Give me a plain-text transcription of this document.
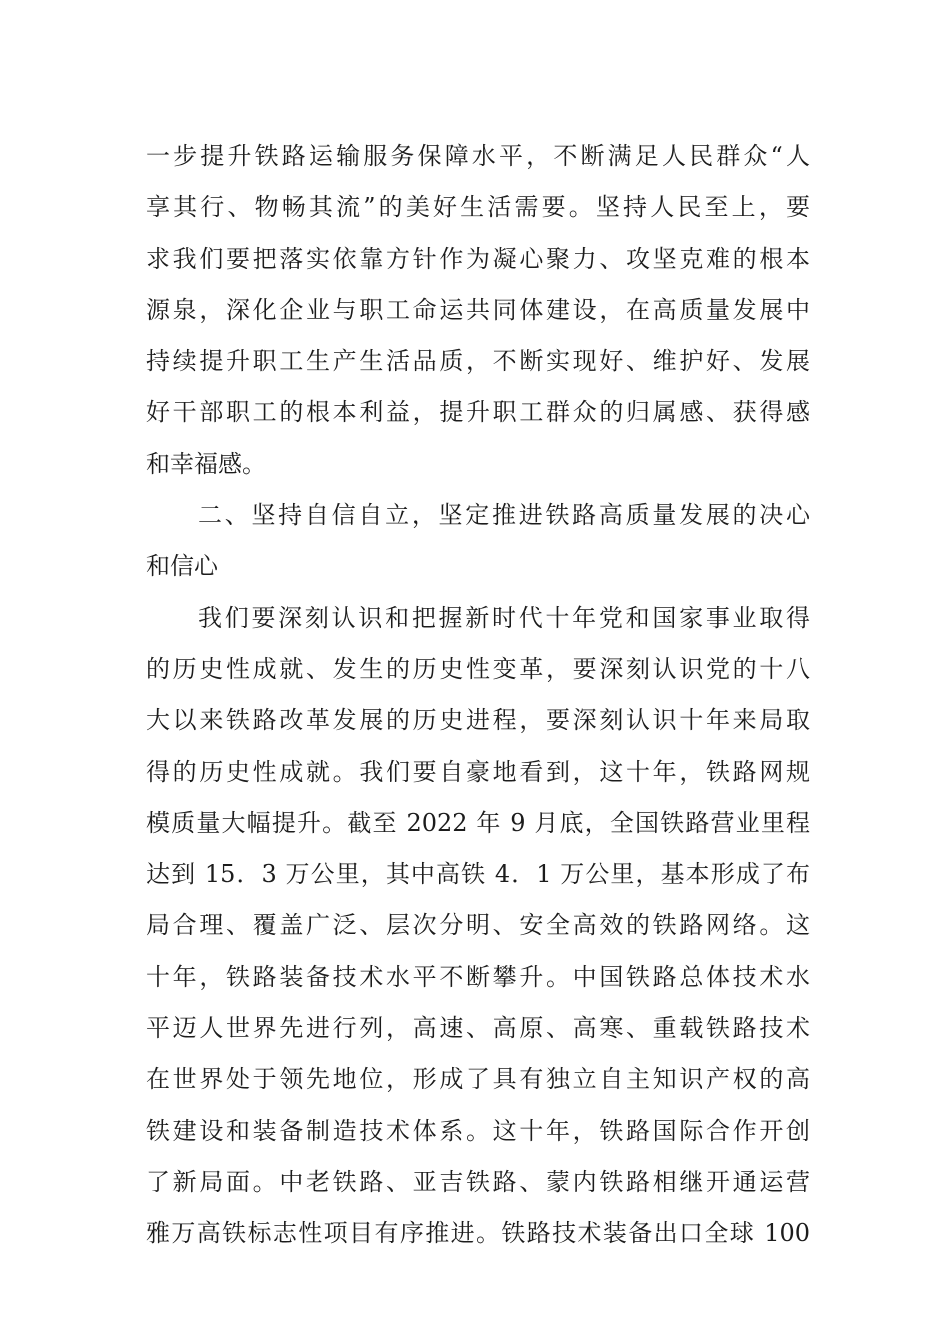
一步提升铁路运输服务保障水平，不断满足人民群众“人
享其行、物畅其流”的美好生活需要。坚持人民至上，要
求我们要把落实依靠方针作为凝心聚力、攻坚克难的根本
源泉，深化企业与职工命运共同体建设，在高质量发展中
持续提升职工生产生活品质，不断实现好、维护好、发展
好干部职工的根本利益，提升职工群众的归属感、获得感
和幸福感。
二、坚持自信自立，坚定推进铁路高质量发展的决心
和信心
我们要深刻认识和把握新时代十年党和国家事业取得
的历史性成就、发生的历史性变革，要深刻认识党的十八
大以来铁路改革发展的历史进程，要深刻认识十年来局取
得的历史性成就。我们要自豪地看到，这十年，铁路网规
模质量大幅提升。截至 2022 年 9 月底，全国铁路营业里程
达到 15．3 万公里，其中高铁 4．1 万公里，基本形成了布
局合理、覆盖广泛、层次分明、安全高效的铁路网络。这
十年，铁路装备技术水平不断攀升。中国铁路总体技术水
平迈人世界先进行列，高速、高原、高寒、重载铁路技术
在世界处于领先地位，形成了具有独立自主知识产权的高
铁建设和装备制造技术体系。这十年，铁路国际合作开创
了新局面。中老铁路、亚吉铁路、蒙内铁路相继开通运营
雅万高铁标志性项目有序推进。铁路技术装备出口全球 100
